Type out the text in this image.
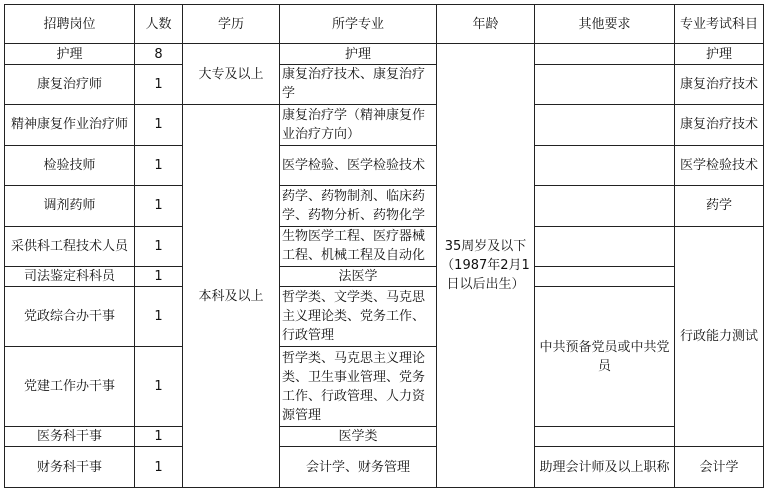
招聘岗位	人数	学历	所学专业	年龄	其他要求	专业考试科目
护理	8	大专及以上	护理	35周岁及以下（1987年2月1日以后出生）		护理
康复治疗师	1		康复治疗技术、康复治疗学			康复治疗技术
精神康复作业治疗师	1	本科及以上	康复治疗学（精神康复作业治疗方向）			康复治疗技术
检验技师	1		医学检验、医学检验技术			医学检验技术
调剂药师	1		药学、药物制剂、临床药学、药物分析、药物化学			药学
采供科工程技术人员	1		生物医学工程、医疗器械工程、机械工程及自动化			行政能力测试
司法鉴定科科员	1		法医学			
党政综合办干事	1		哲学类、文学类、马克思主义理论类、党务工作、行政管理		中共预备党员或中共党员	
党建工作办干事	1		哲学类、马克思主义理论类、卫生事业管理、党务工作、行政管理、人力资源管理			
医务科干事	1		医学类			
财务科干事	1		会计学、财务管理		助理会计师及以上职称	会计学
